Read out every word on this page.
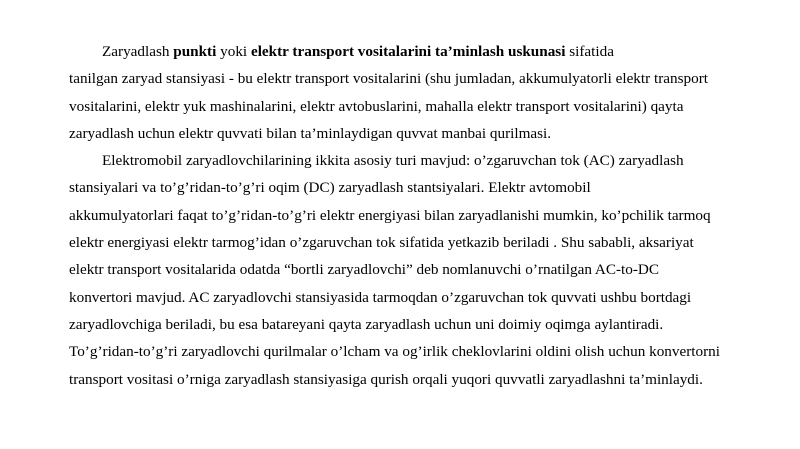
Zaryadlash punkti yoki elektr transport vositalarini ta’minlash uskunasi sifatida
tanilgan zaryad stansiyasi - bu elektr transport vositalarini (shu jumladan, akkumulyatorli elektr transport
vositalarini, elektr yuk mashinalarini, elektr avtobuslarini, mahalla elektr transport vositalarini) qayta
zaryadlash uchun elektr quvvati bilan ta’minlaydigan quvvat manbai qurilmasi.
Elektromobil zaryadlovchilarining ikkita asosiy turi mavjud: o’zgaruvchan tok (AC) zaryadlash
stansiyalari va to’g’ridan-to’g’ri oqim (DC) zaryadlash stantsiyalari. Elektr avtomobil
akkumulyatorlari faqat to’g’ridan-to’g’ri elektr energiyasi bilan zaryadlanishi mumkin, ko’pchilik tarmoq
elektr energiyasi elektr tarmog’idan o’zgaruvchan tok sifatida yetkazib beriladi . Shu sababli, aksariyat
elektr transport vositalarida odatda “bortli zaryadlovchi” deb nomlanuvchi o’rnatilgan AC-to-DC
konvertori mavjud. AC zaryadlovchi stansiyasida tarmoqdan o’zgaruvchan tok quvvati ushbu bortdagi
zaryadlovchiga beriladi, bu esa batareyani qayta zaryadlash uchun uni doimiy oqimga aylantiradi.
To’g’ridan-to’g’ri zaryadlovchi qurilmalar o’lcham va og’irlik cheklovlarini oldini olish uchun konvertorni
transport vositasi o’rniga zaryadlash stansiyasiga qurish orqali yuqori quvvatli zaryadlashni ta’minlaydi.
